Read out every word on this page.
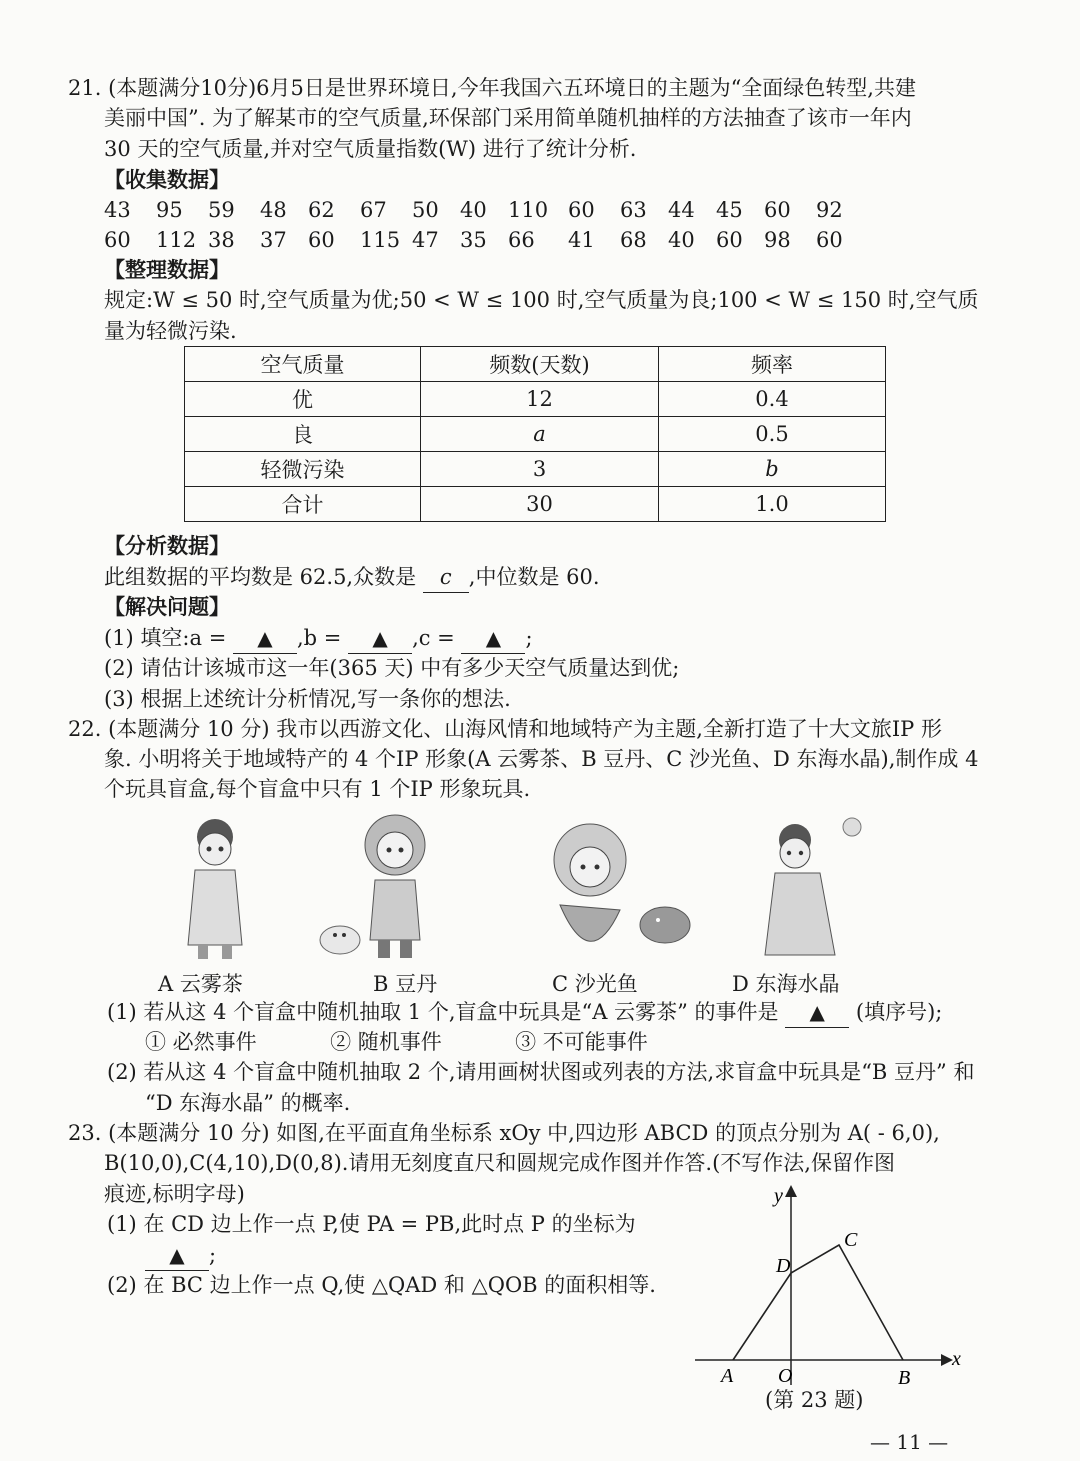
21. (本题满分10分)6月5日是世界环境日,今年我国六五环境日的主题为“全面绿色转型,共建
美丽中国”. 为了解某市的空气质量,环保部门采用简单随机抽样的方法抽查了该市一年内
30 天的空气质量,并对空气质量指数(W) 进行了统计分析.
【收集数据】
43 95 59 48 62 67 50 40 110 60 63 44 45 60 92
60 112 38 37 60 115 47 35 66 41 68 40 60 98 60
【整理数据】
规定:W ≤ 50 时,空气质量为优;50 < W ≤ 100 时,空气质量为良;100 < W ≤ 150 时,空气质
量为轻微污染.
空气质量	频数(天数)	频率
优	12	0.4
良	a	0.5
轻微污染	3	b
合计	30	1.0
【分析数据】
此组数据的平均数是 62.5,众数是 c ,中位数是 60.
【解决问题】
(1) 填空:a = ▲ ,b = ▲ ,c = ▲ ;
(2) 请估计该城市这一年(365 天) 中有多少天空气质量达到优;
(3) 根据上述统计分析情况,写一条你的想法.
22. (本题满分 10 分) 我市以西游文化、山海风情和地域特产为主题,全新打造了十大文旅IP 形
象. 小明将关于地域特产的 4 个IP 形象(A 云雾茶、B 豆丹、C 沙光鱼、D 东海水晶),制作成 4
个玩具盲盒,每个盲盒中只有 1 个IP 形象玩具.
A 云雾茶	B 豆丹	C 沙光鱼	D 东海水晶
(1) 若从这 4 个盲盒中随机抽取 1 个,盲盒中玩具是“A 云雾茶” 的事件是 ▲ (填序号);
① 必然事件	② 随机事件	③ 不可能事件
(2) 若从这 4 个盲盒中随机抽取 2 个,请用画树状图或列表的方法,求盲盒中玩具是“B 豆丹” 和
“D 东海水晶” 的概率.
23. (本题满分 10 分) 如图,在平面直角坐标系 xOy 中,四边形 ABCD 的顶点分别为 A( - 6,0),
B(10,0),C(4,10),D(0,8).请用无刻度直尺和圆规完成作图并作答.(不写作法,保留作图
痕迹,标明字母)
(1) 在 CD 边上作一点 P,使 PA = PB,此时点 P 的坐标为
▲ ;
(2) 在 BC 边上作一点 Q,使 △QAD 和 △QOB 的面积相等.
y
x
A O	B
C
D
(第 23 题)
— 11 —
